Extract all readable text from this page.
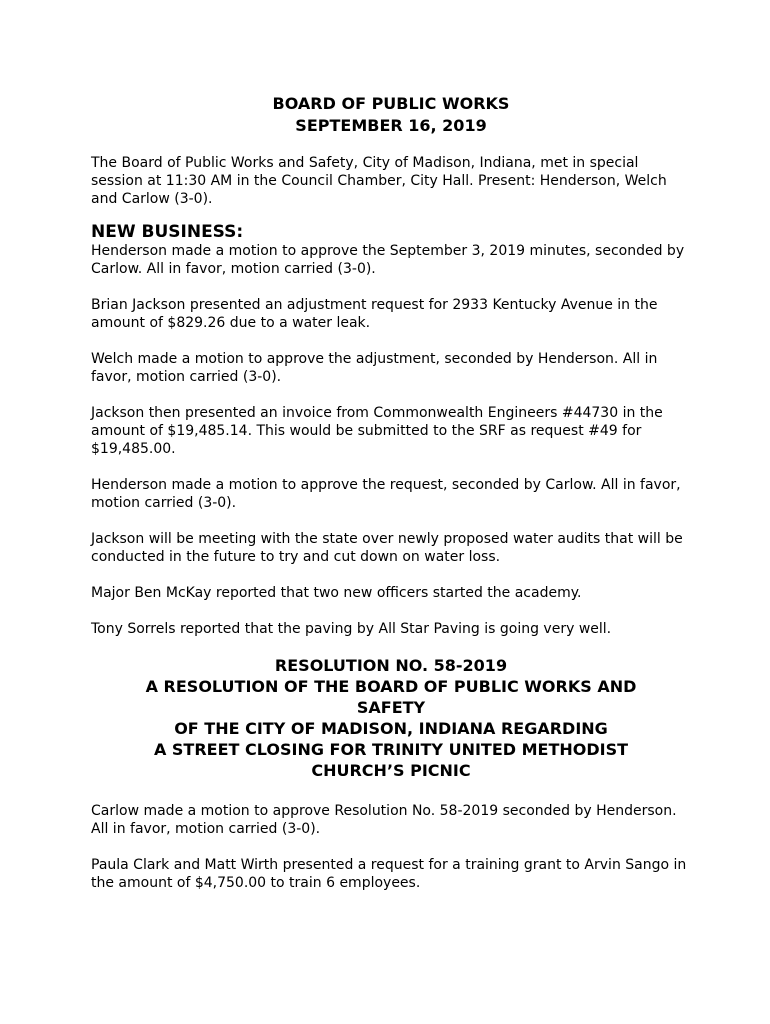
BOARD OF PUBLIC WORKS
SEPTEMBER 16, 2019

The Board of Public Works and Safety, City of Madison, Indiana, met in special session at 11:30 AM in the Council Chamber, City Hall. Present: Henderson, Welch and Carlow (3-0).

NEW BUSINESS:

Henderson made a motion to approve the September 3, 2019 minutes, seconded by Carlow. All in favor, motion carried (3-0).

Brian Jackson presented an adjustment request for 2933 Kentucky Avenue in the amount of $829.26 due to a water leak.

Welch made a motion to approve the adjustment, seconded by Henderson. All in favor, motion carried (3-0).

Jackson then presented an invoice from Commonwealth Engineers #44730 in the amount of $19,485.14. This would be submitted to the SRF as request #49 for $19,485.00.

Henderson made a motion to approve the request, seconded by Carlow. All in favor, motion carried (3-0).

Jackson will be meeting with the state over newly proposed water audits that will be conducted in the future to try and cut down on water loss.

Major Ben McKay reported that two new officers started the academy.

Tony Sorrels reported that the paving by All Star Paving is going very well.

RESOLUTION NO. 58-2019
A RESOLUTION OF THE BOARD OF PUBLIC WORKS AND
SAFETY
OF THE CITY OF MADISON, INDIANA REGARDING
A STREET CLOSING FOR TRINITY UNITED METHODIST
CHURCH’S PICNIC

Carlow made a motion to approve Resolution No. 58-2019 seconded by Henderson. All in favor, motion carried (3-0).

Paula Clark and Matt Wirth presented a request for a training grant to Arvin Sango in the amount of $4,750.00 to train 6 employees.
